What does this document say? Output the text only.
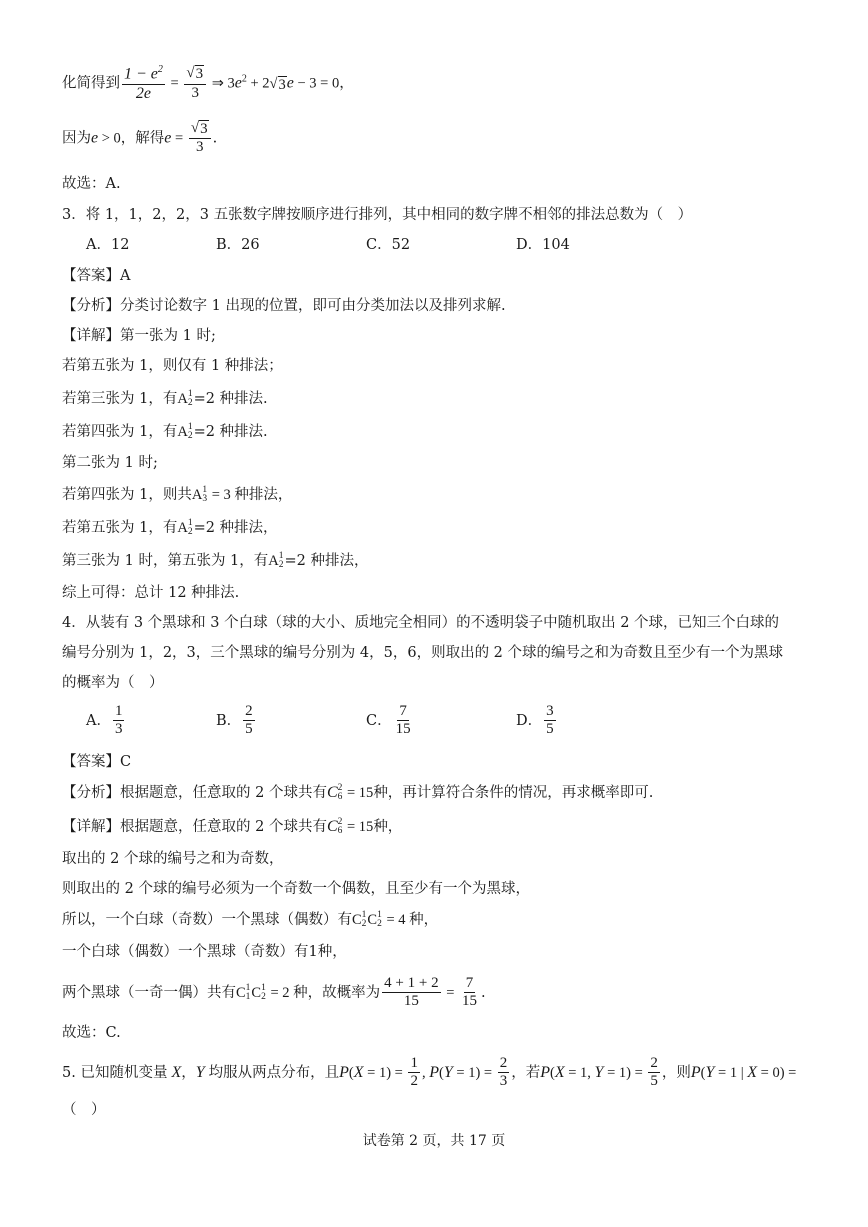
化简得到 $\frac{1 - e^2}{2e} = \frac{√ 3}{3}$ ⇒ $3e^2 + 2$ √ 3 e − 3 = 0，
因为e > 0，解得$e = \frac{√ 3}{3}$ .
故选：A.
3．将 1，1，2，2，3 五张数字牌按顺序进行排列，其中相同的数字牌不相邻的排法总数为（　）
A．12	B．26	C．52	D．104
【答案】A
【分析】分类讨论数字 1 出现的位置，即可由分类加法以及排列求解.
【详解】第一张为 1 时;
若第五张为 1，则仅有 1 种排法；
若第三张为 1，有A 1
2 =2 种排法.
若第四张为 1，有A 1
2 =2 种排法.
第二张为 1 时;
若第四张为 1，则共A 1
3 = 3 种排法，
若第五张为 1，有A 1
2 =2 种排法，
第三张为 1 时，第五张为 1，有A 1
2 =2 种排法，
综上可得：总计 12 种排法.
4．从装有 3 个黑球和 3 个白球（球的大小、质地完全相同）的不透明袋子中随机取出 2 个球，已知三个白球的
编号分别为 1，2，3，三个黑球的编号分别为 4，5，6，则取出的 2 个球的编号之和为奇数且至少有一个为黑球
的概率为（　）
A． $\frac{1}{3}$	B． $\frac{2}{5}$	C． $\frac{7}{15}$	D． $\frac{3}{5}$
【答案】C
【分析】根据题意，任意取的 2 个球共有C 2
6 = 15种，再计算符合条件的情况，再求概率即可.
【详解】根据题意，任意取的 2 个球共有C 2
6 = 15种，
取出的 2 个球的编号之和为奇数，
则取出的 2 个球的编号必须为一个奇数一个偶数，且至少有一个为黑球，
所以，一个白球（奇数）一个黑球（偶数）有C 1
2 C 1
2 = 4 种，
一个白球（偶数）一个黑球（奇数）有1种，
两个黑球（一奇一偶）共有C 1
1 C 1
2 = 2 种，故概率为 $\frac{4 + 1 + 2}{15} = \frac{7}{15}$ .
故选：C.
5. 已知随机变量 X，Y 均服从两点分布，且$P(X = 1) = \frac{1}{2}$ , $P(Y = 1) = \frac{2}{3}$ ，若P(X = 1, $Y = 1) = \frac{2}{5}$ ，则P(Y = 1 | X = 0) =
（　）
试卷第 2 页，共 17 页
